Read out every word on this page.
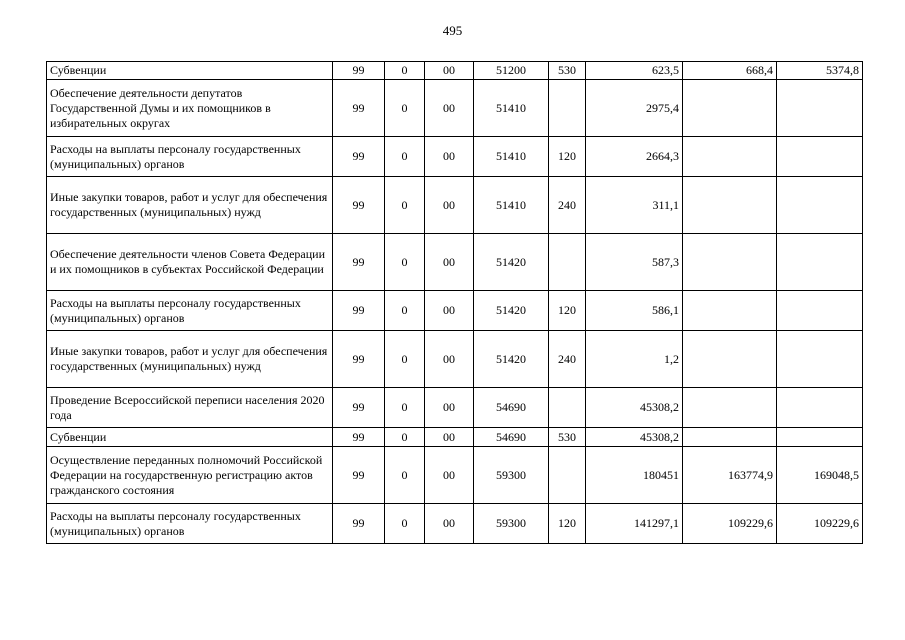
495
Субвенции	99	0	00	51200	530	623,5	668,4	5374,8
Обеспечение деятельности депутатов Государственной Думы и их помощников в избирательных округах	99	0	00	51410		2975,4		
Расходы на выплаты персоналу государственных (муниципальных) органов	99	0	00	51410	120	2664,3		
Иные закупки товаров, работ и услуг для обеспечения государственных (муниципальных) нужд	99	0	00	51410	240	311,1		
Обеспечение деятельности членов Совета Федерации и их помощников в субъектах Российской Федерации	99	0	00	51420		587,3		
Расходы на выплаты персоналу государственных (муниципальных) органов	99	0	00	51420	120	586,1		
Иные закупки товаров, работ и услуг для обеспечения государственных (муниципальных) нужд	99	0	00	51420	240	1,2		
Проведение Всероссийской переписи населения 2020 года	99	0	00	54690		45308,2		
Субвенции	99	0	00	54690	530	45308,2		
Осуществление переданных полномочий Российской Федерации на государственную регистрацию актов гражданского состояния	99	0	00	59300		180451	163774,9	169048,5
Расходы на выплаты персоналу государственных (муниципальных) органов	99	0	00	59300	120	141297,1	109229,6	109229,6
